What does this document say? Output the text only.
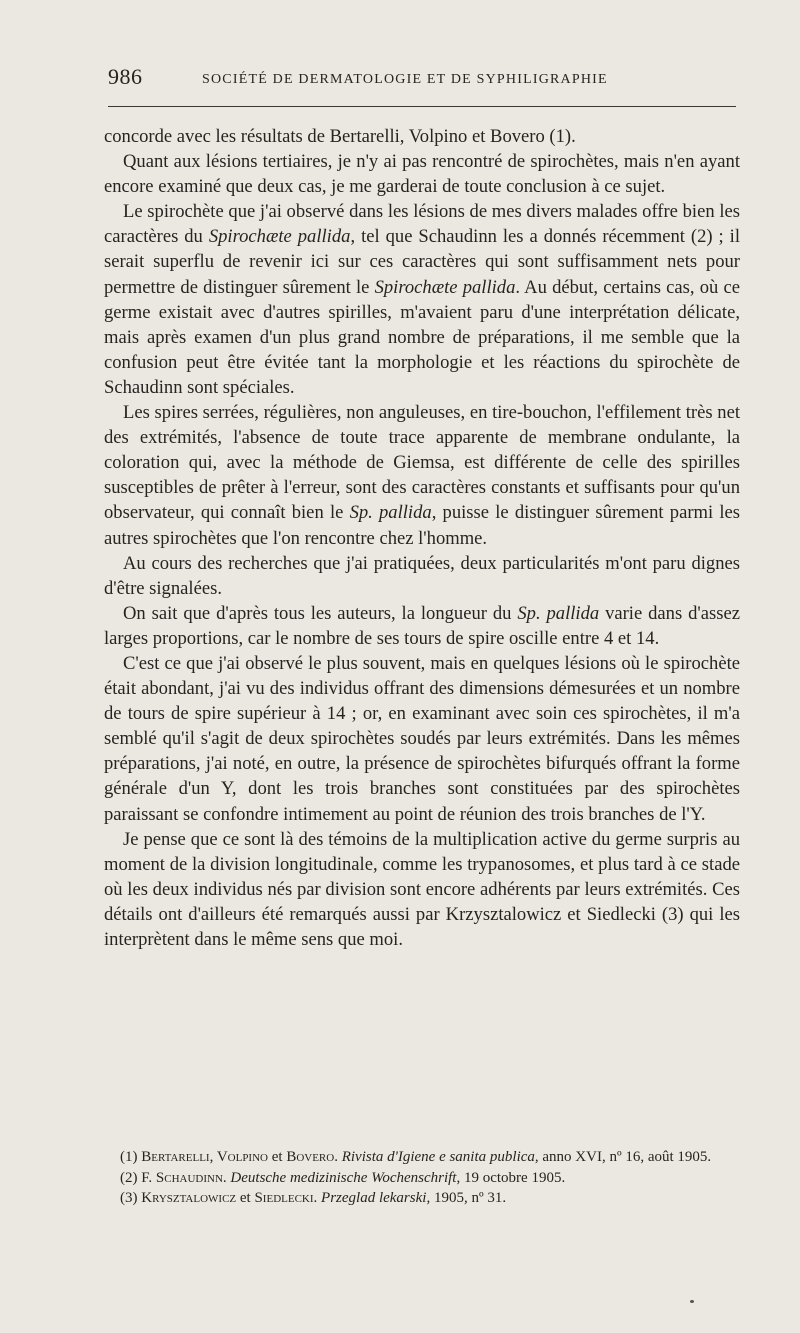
986	SOCIÉTÉ DE DERMATOLOGIE ET DE SYPHILIGRAPHIE

concorde avec les résultats de Bertarelli, Volpino et Bovero (1).

Quant aux lésions tertiaires, je n'y ai pas rencontré de spirochètes, mais n'en ayant encore examiné que deux cas, je me garderai de toute conclusion à ce sujet.

Le spirochète que j'ai observé dans les lésions de mes divers malades offre bien les caractères du Spirochæte pallida, tel que Schaudinn les a donnés récemment (2) ; il serait superflu de revenir ici sur ces caractères qui sont suffisamment nets pour permettre de distinguer sûrement le Spirochæte pallida. Au début, certains cas, où ce germe existait avec d'autres spirilles, m'avaient paru d'une interprétation délicate, mais après examen d'un plus grand nombre de préparations, il me semble que la confusion peut être évitée tant la morphologie et les réactions du spirochète de Schaudinn sont spéciales.

Les spires serrées, régulières, non anguleuses, en tire-bouchon, l'effilement très net des extrémités, l'absence de toute trace apparente de membrane ondulante, la coloration qui, avec la méthode de Giemsa, est différente de celle des spirilles susceptibles de prêter à l'erreur, sont des caractères constants et suffisants pour qu'un observateur, qui connaît bien le Sp. pallida, puisse le distinguer sûrement parmi les autres spirochètes que l'on rencontre chez l'homme.

Au cours des recherches que j'ai pratiquées, deux particularités m'ont paru dignes d'être signalées.

On sait que d'après tous les auteurs, la longueur du Sp. pallida varie dans d'assez larges proportions, car le nombre de ses tours de spire oscille entre 4 et 14.

C'est ce que j'ai observé le plus souvent, mais en quelques lésions où le spirochète était abondant, j'ai vu des individus offrant des dimensions démesurées et un nombre de tours de spire supérieur à 14 ; or, en examinant avec soin ces spirochètes, il m'a semblé qu'il s'agit de deux spirochètes soudés par leurs extrémités. Dans les mêmes préparations, j'ai noté, en outre, la présence de spirochètes bifurqués offrant la forme générale d'un Y, dont les trois branches sont constituées par des spirochètes paraissant se confondre intimement au point de réunion des trois branches de l'Y.

Je pense que ce sont là des témoins de la multiplication active du germe surpris au moment de la division longitudinale, comme les trypanosomes, et plus tard à ce stade où les deux individus nés par division sont encore adhérents par leurs extrémités. Ces détails ont d'ailleurs été remarqués aussi par Krzysztalowicz et Siedlecki (3) qui les interprètent dans le même sens que moi.

(1) Bertarelli, Volpino et Bovero. Rivista d'Igiene e sanita publica, anno XVI, nº 16, août 1905.

(2) F. Schaudinn. Deutsche medizinische Wochenschrift, 19 octobre 1905.

(3) Krysztalowicz et Siedlecki. Przeglad lekarski, 1905, nº 31.
